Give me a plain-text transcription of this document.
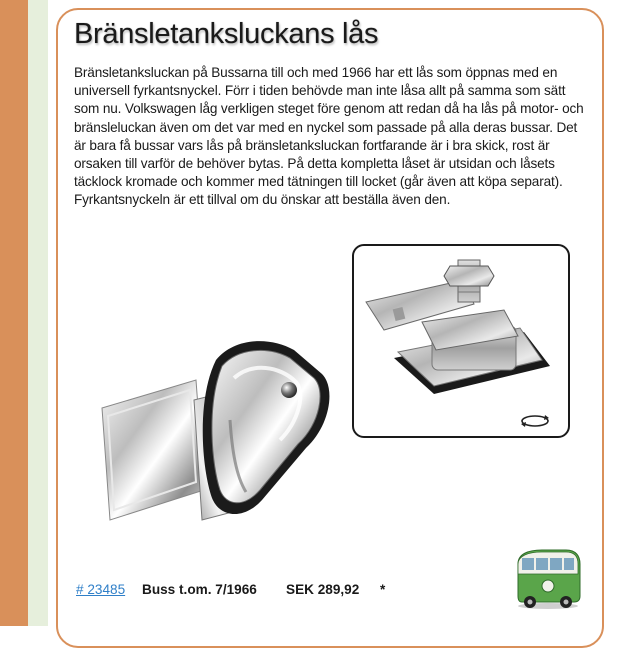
Bränsletanksluckans lås

Bränsletanksluckan på Bussarna till och med 1966 har ett lås som öppnas med en universell fyrkantsnyckel. Förr i tiden behövde man inte låsa allt på samma som sätt som nu. Volkswagen låg verkligen steget före genom att redan då ha lås på motor- och bränsleluckan även om det var med en nyckel som passade på alla deras bussar. Det är bara få bussar vars lås på bränsletanksluckan fortfarande är i bra skick, rost är orsaken till varför de behöver bytas. På detta kompletta låset är utsidan och låsets täcklock kromade och kommer med tätningen till locket (går även att köpa separat). Fyrkantsnyckeln är ett tillval om du önskar att beställa även den.

# 23485 Buss t.om. 7/1966 SEK 289,92 *
